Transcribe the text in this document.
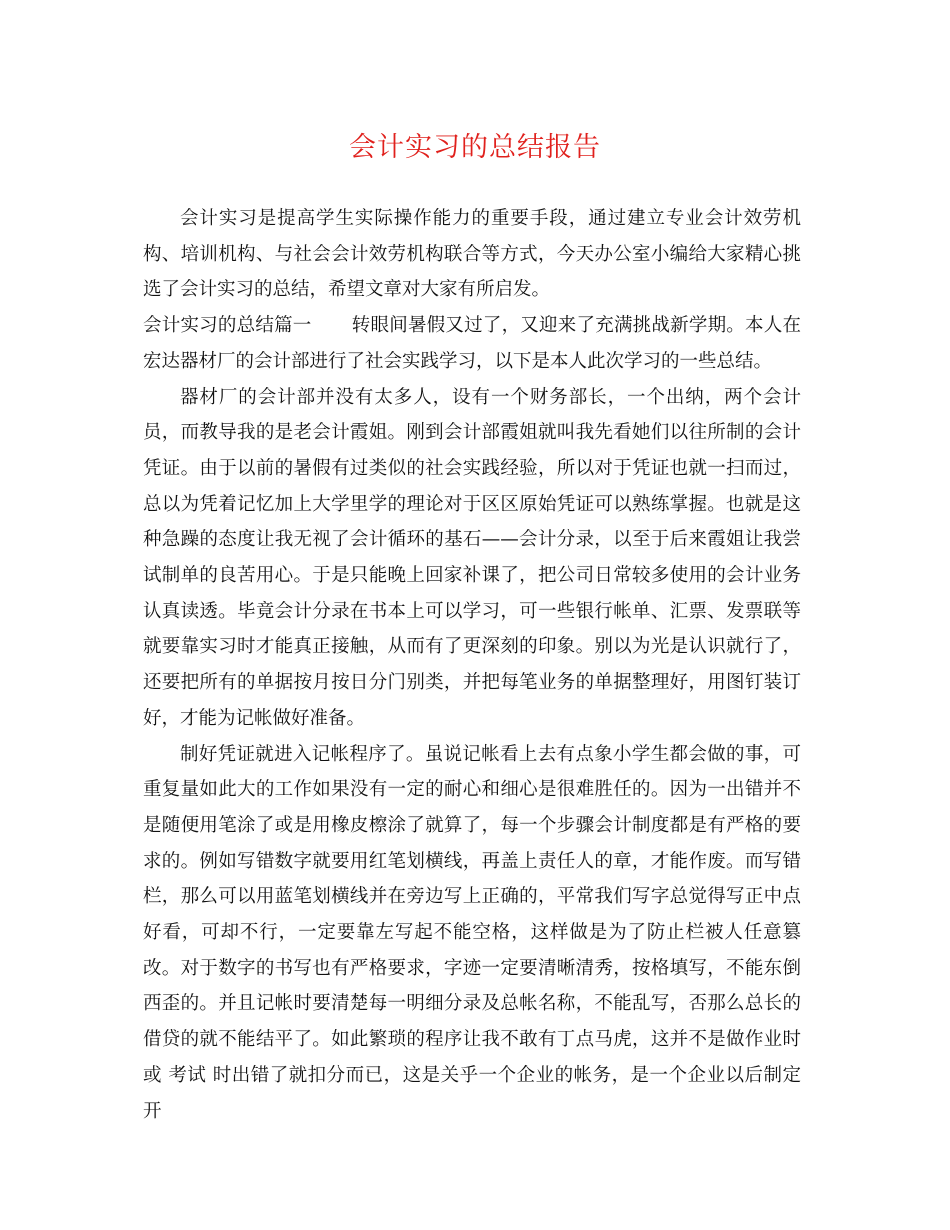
会计实习的总结报告

会计实习是提高学生实际操作能力的重要手段，通过建立专业会计效劳机构、培训机构、与社会会计效劳机构联合等方式，今天办公室小编给大家精心挑选了会计实习的总结，希望文章对大家有所启发。

会计实习的总结篇一 转眼间暑假又过了，又迎来了充满挑战新学期。本人在宏达器材厂的会计部进行了社会实践学习，以下是本人此次学习的一些总结。

器材厂的会计部并没有太多人，设有一个财务部长，一个出纳，两个会计员，而教导我的是老会计霞姐。刚到会计部霞姐就叫我先看她们以往所制的会计凭证。由于以前的暑假有过类似的社会实践经验，所以对于凭证也就一扫而过，总以为凭着记忆加上大学里学的理论对于区区原始凭证可以熟练掌握。也就是这种急躁的态度让我无视了会计循环的基石——会计分录，以至于后来霞姐让我尝试制单的良苦用心。于是只能晚上回家补课了，把公司日常较多使用的会计业务认真读透。毕竟会计分录在书本上可以学习，可一些银行帐单、汇票、发票联等就要靠实习时才能真正接触，从而有了更深刻的印象。别以为光是认识就行了，还要把所有的单据按月按日分门别类，并把每笔业务的单据整理好，用图钉装订好，才能为记帐做好准备。

制好凭证就进入记帐程序了。虽说记帐看上去有点象小学生都会做的事，可重复量如此大的工作如果没有一定的耐心和细心是很难胜任的。因为一出错并不是随便用笔涂了或是用橡皮檫涂了就算了，每一个步骤会计制度都是有严格的要求的。例如写错数字就要用红笔划横线，再盖上责任人的章，才能作废。而写错栏，那么可以用蓝笔划横线并在旁边写上正确的，平常我们写字总觉得写正中点好看，可却不行，一定要靠左写起不能空格，这样做是为了防止栏被人任意篡改。对于数字的书写也有严格要求，字迹一定要清晰清秀，按格填写，不能东倒西歪的。并且记帐时要清楚每一明细分录及总帐名称，不能乱写，否那么总长的借贷的就不能结平了。如此繁琐的程序让我不敢有丁点马虎，这并不是做作业时或 考试 时出错了就扣分而已，这是关乎一个企业的帐务，是一个企业以后制定开
